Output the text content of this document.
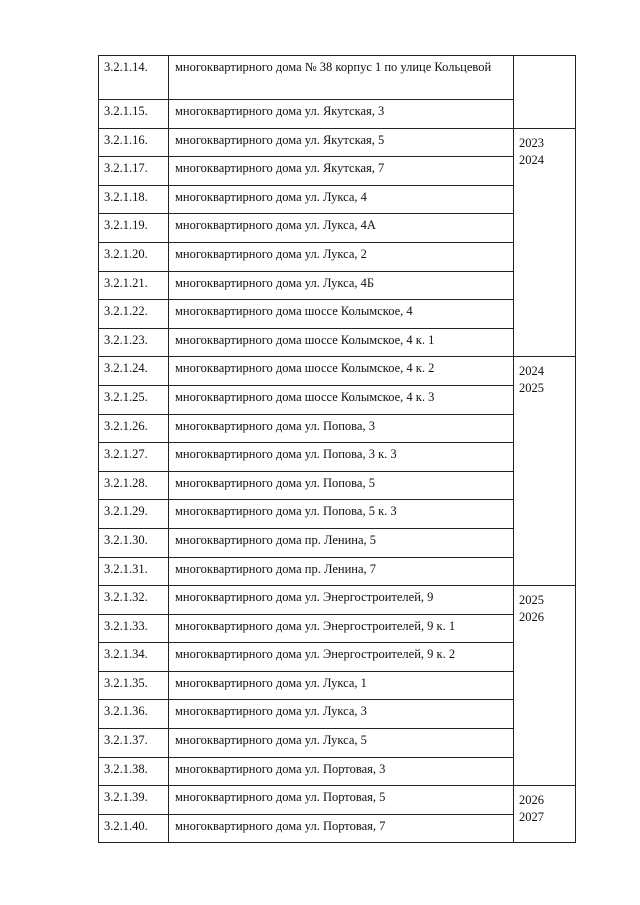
3.2.1.14.	многоквартирного дома № 38 корпус 1 по улице Кольцевой	
3.2.1.15.	многоквартирного дома ул. Якутская, 3	
3.2.1.16.	многоквартирного дома ул. Якутская, 5	2023
2024

3.2.1.17.	многоквартирного дома ул. Якутская, 7	
3.2.1.18.	многоквартирного дома ул. Лукса, 4	
3.2.1.19.	многоквартирного дома ул. Лукса, 4А	
3.2.1.20.	многоквартирного дома ул. Лукса, 2	
3.2.1.21.	многоквартирного дома ул. Лукса, 4Б	
3.2.1.22.	многоквартирного дома шоссе Колымское, 4	
3.2.1.23.	многоквартирного дома шоссе Колымское, 4 к. 1	
3.2.1.24.	многоквартирного дома шоссе Колымское, 4 к. 2	2024
2025

3.2.1.25.	многоквартирного дома шоссе Колымское, 4 к. 3	
3.2.1.26.	многоквартирного дома ул. Попова, 3	
3.2.1.27.	многоквартирного дома ул. Попова, 3 к. 3	
3.2.1.28.	многоквартирного дома ул. Попова, 5	
3.2.1.29.	многоквартирного дома ул. Попова, 5 к. 3	
3.2.1.30.	многоквартирного дома пр. Ленина, 5	
3.2.1.31.	многоквартирного дома пр. Ленина, 7	
3.2.1.32.	многоквартирного дома ул. Энергостроителей, 9	2025
2026

3.2.1.33.	многоквартирного дома ул. Энергостроителей, 9 к. 1	
3.2.1.34.	многоквартирного дома ул. Энергостроителей, 9 к. 2	
3.2.1.35.	многоквартирного дома ул. Лукса, 1	
3.2.1.36.	многоквартирного дома ул. Лукса, 3	
3.2.1.37.	многоквартирного дома ул. Лукса, 5	
3.2.1.38.	многоквартирного дома ул. Портовая, 3	
3.2.1.39.	многоквартирного дома ул. Портовая, 5	2026
2027

3.2.1.40.	многоквартирного дома ул. Портовая, 7	
